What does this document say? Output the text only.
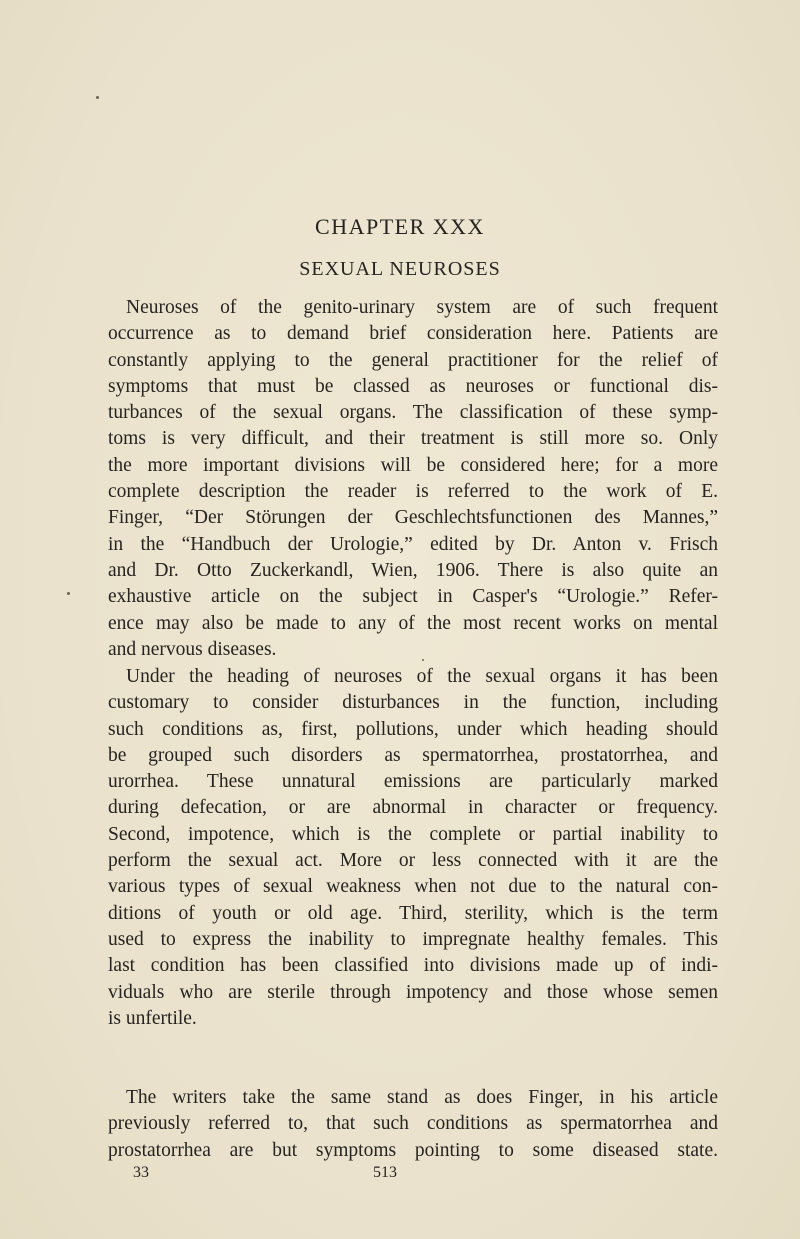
CHAPTER XXX
SEXUAL NEUROSES
Neuroses of the genito-urinary system are of such frequent
occurrence as to demand brief consideration here. Patients are
constantly applying to the general practitioner for the relief of
symptoms that must be classed as neuroses or functional dis-
turbances of the sexual organs. The classification of these symp-
toms is very difficult, and their treatment is still more so. Only
the more important divisions will be considered here; for a more
complete description the reader is referred to the work of E.
Finger, “Der Störungen der Geschlechtsfunctionen des Mannes,”
in the “Handbuch der Urologie,” edited by Dr. Anton v. Frisch
and Dr. Otto Zuckerkandl, Wien, 1906. There is also quite an
exhaustive article on the subject in Casper's “Urologie.” Refer-
ence may also be made to any of the most recent works on mental
and nervous diseases.
Under the heading of neuroses of the sexual organs it has been
customary to consider disturbances in the function, including
such conditions as, first, pollutions, under which heading should
be grouped such disorders as spermatorrhea, prostatorrhea, and
urorrhea. These unnatural emissions are particularly marked
during defecation, or are abnormal in character or frequency.
Second, impotence, which is the complete or partial inability to
perform the sexual act. More or less connected with it are the
various types of sexual weakness when not due to the natural con-
ditions of youth or old age. Third, sterility, which is the term
used to express the inability to impregnate healthy females. This
last condition has been classified into divisions made up of indi-
viduals who are sterile through impotency and those whose semen
is unfertile.
The writers take the same stand as does Finger, in his article
previously referred to, that such conditions as spermatorrhea and
prostatorrhea are but symptoms pointing to some diseased state.
33	513
